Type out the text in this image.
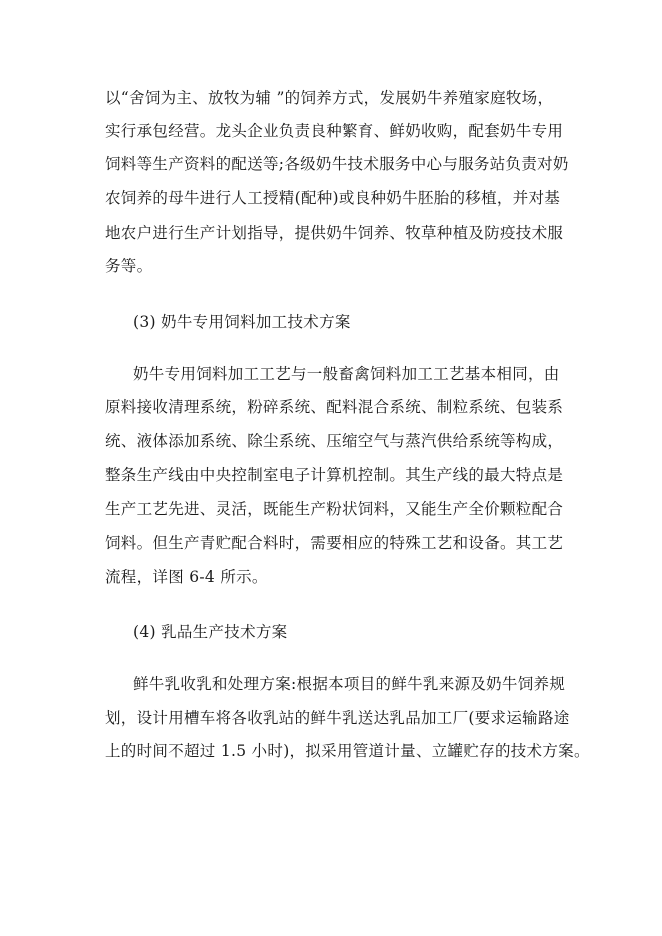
以“舍饲为主、放牧为辅 ”的饲养方式，发展奶牛养殖家庭牧场，
实行承包经营。龙头企业负责良种繁育、鲜奶收购，配套奶牛专用
饲料等生产资料的配送等;各级奶牛技术服务中心与服务站负责对奶
农饲养的母牛进行人工授精(配种)或良种奶牛胚胎的移植，并对基
地农户进行生产计划指导，提供奶牛饲养、牧草种植及防疫技术服
务等。
(3) 奶牛专用饲料加工技术方案
奶牛专用饲料加工工艺与一般畜禽饲料加工工艺基本相同，由
原料接收清理系统，粉碎系统、配料混合系统、制粒系统、包装系
统、液体添加系统、除尘系统、压缩空气与蒸汽供给系统等构成，
整条生产线由中央控制室电子计算机控制。其生产线的最大特点是
生产工艺先进、灵活，既能生产粉状饲料，又能生产全价颗粒配合
饲料。但生产青贮配合料时，需要相应的特殊工艺和设备。其工艺
流程，详图 6-4 所示。
(4) 乳品生产技术方案
鲜牛乳收乳和处理方案:根据本项目的鲜牛乳来源及奶牛饲养规
划，设计用槽车将各收乳站的鲜牛乳送达乳品加工厂(要求运输路途
上的时间不超过 1.5 小时)，拟采用管道计量、立罐贮存的技术方案。
